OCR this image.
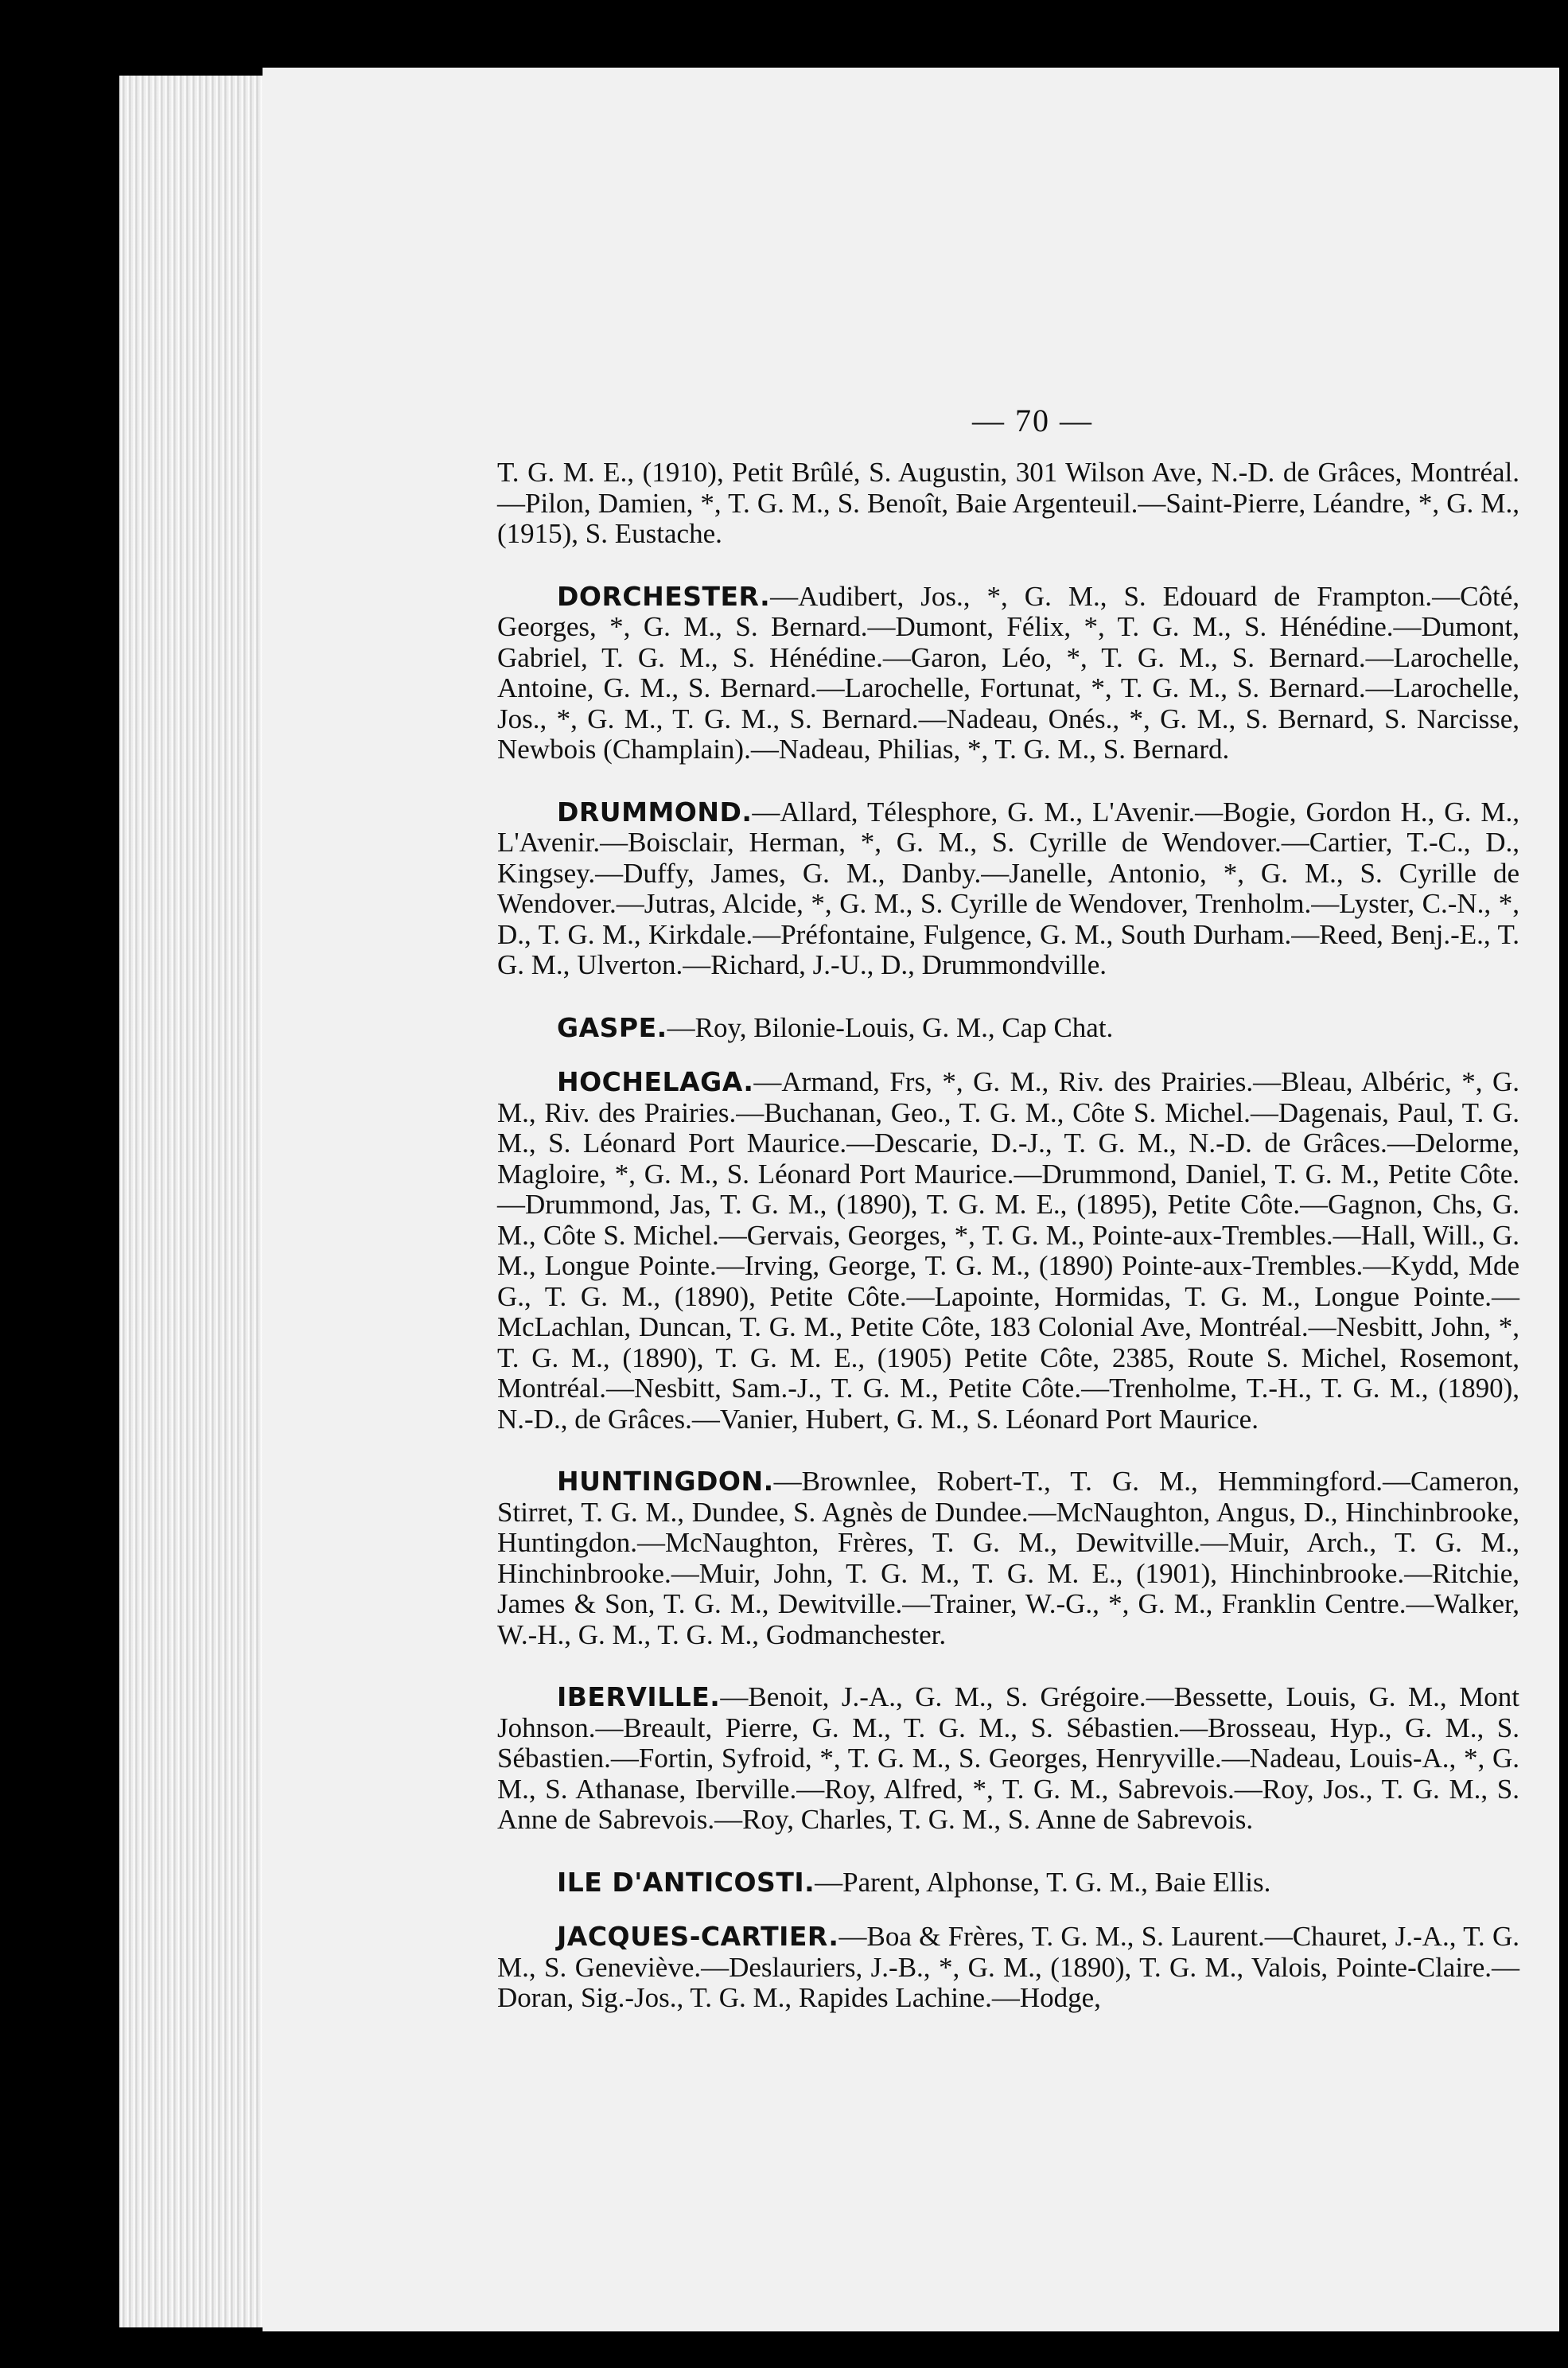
— 70 —

T. G. M. E., (1910), Petit Brûlé, S. Augustin, 301 Wilson Ave, N.-D. de Grâces, Montréal.—Pilon, Damien, *, T. G. M., S. Benoît, Baie Argenteuil.—Saint-Pierre, Léandre, *, G. M., (1915), S. Eustache.

DORCHESTER.—Audibert, Jos., *, G. M., S. Edouard de Frampton.—Côté, Georges, *, G. M., S. Bernard.—Dumont, Félix, *, T. G. M., S. Hénédine.—Dumont, Gabriel, T. G. M., S. Hénédine.—Garon, Léo, *, T. G. M., S. Bernard.—Larochelle, Antoine, G. M., S. Bernard.—Larochelle, Fortunat, *, T. G. M., S. Bernard.—Larochelle, Jos., *, G. M., T. G. M., S. Bernard.—Nadeau, Onés., *, G. M., S. Bernard, S. Narcisse, Newbois (Champlain).—Nadeau, Philias, *, T. G. M., S. Bernard.

DRUMMOND.—Allard, Télesphore, G. M., L'Avenir.—Bogie, Gordon H., G. M., L'Avenir.—Boisclair, Herman, *, G. M., S. Cyrille de Wendover.—Cartier, T.-C., D., Kingsey.—Duffy, James, G. M., Danby.—Janelle, Antonio, *, G. M., S. Cyrille de Wendover.—Jutras, Alcide, *, G. M., S. Cyrille de Wendover, Trenholm.—Lyster, C.-N., *, D., T. G. M., Kirkdale.—Préfontaine, Fulgence, G. M., South Durham.—Reed, Benj.-E., T. G. M., Ulverton.—Richard, J.-U., D., Drummondville.

GASPE.—Roy, Bilonie-Louis, G. M., Cap Chat.

HOCHELAGA.—Armand, Frs, *, G. M., Riv. des Prairies.—Bleau, Albéric, *, G. M., Riv. des Prairies.—Buchanan, Geo., T. G. M., Côte S. Michel.—Dagenais, Paul, T. G. M., S. Léonard Port Maurice.—Descarie, D.-J., T. G. M., N.-D. de Grâces.—Delorme, Magloire, *, G. M., S. Léonard Port Maurice.—Drummond, Daniel, T. G. M., Petite Côte.—Drummond, Jas, T. G. M., (1890), T. G. M. E., (1895), Petite Côte.—Gagnon, Chs, G. M., Côte S. Michel.—Gervais, Georges, *, T. G. M., Pointe-aux-Trembles.—Hall, Will., G. M., Longue Pointe.—Irving, George, T. G. M., (1890) Pointe-aux-Trembles.—Kydd, Mde G., T. G. M., (1890), Petite Côte.—Lapointe, Hormidas, T. G. M., Longue Pointe.—McLachlan, Duncan, T. G. M., Petite Côte, 183 Colonial Ave, Montréal.—Nesbitt, John, *, T. G. M., (1890), T. G. M. E., (1905) Petite Côte, 2385, Route S. Michel, Rosemont, Montréal.—Nesbitt, Sam.-J., T. G. M., Petite Côte.—Trenholme, T.-H., T. G. M., (1890), N.-D., de Grâces.—Vanier, Hubert, G. M., S. Léonard Port Maurice.

HUNTINGDON.—Brownlee, Robert-T., T. G. M., Hemmingford.—Cameron, Stirret, T. G. M., Dundee, S. Agnès de Dundee.—McNaughton, Angus, D., Hinchinbrooke, Huntingdon.—McNaughton, Frères, T. G. M., Dewitville.—Muir, Arch., T. G. M., Hinchinbrooke.—Muir, John, T. G. M., T. G. M. E., (1901), Hinchinbrooke.—Ritchie, James & Son, T. G. M., Dewitville.—Trainer, W.-G., *, G. M., Franklin Centre.—Walker, W.-H., G. M., T. G. M., Godmanchester.

IBERVILLE.—Benoit, J.-A., G. M., S. Grégoire.—Bessette, Louis, G. M., Mont Johnson.—Breault, Pierre, G. M., T. G. M., S. Sébastien.—Brosseau, Hyp., G. M., S. Sébastien.—Fortin, Syfroid, *, T. G. M., S. Georges, Henryville.—Nadeau, Louis-A., *, G. M., S. Athanase, Iberville.—Roy, Alfred, *, T. G. M., Sabrevois.—Roy, Jos., T. G. M., S. Anne de Sabrevois.—Roy, Charles, T. G. M., S. Anne de Sabrevois.

ILE D'ANTICOSTI.—Parent, Alphonse, T. G. M., Baie Ellis.

JACQUES-CARTIER.—Boa & Frères, T. G. M., S. Laurent.—Chauret, J.-A., T. G. M., S. Geneviève.—Deslauriers, J.-B., *, G. M., (1890), T. G. M., Valois, Pointe-Claire.—Doran, Sig.-Jos., T. G. M., Rapides Lachine.—Hodge,
